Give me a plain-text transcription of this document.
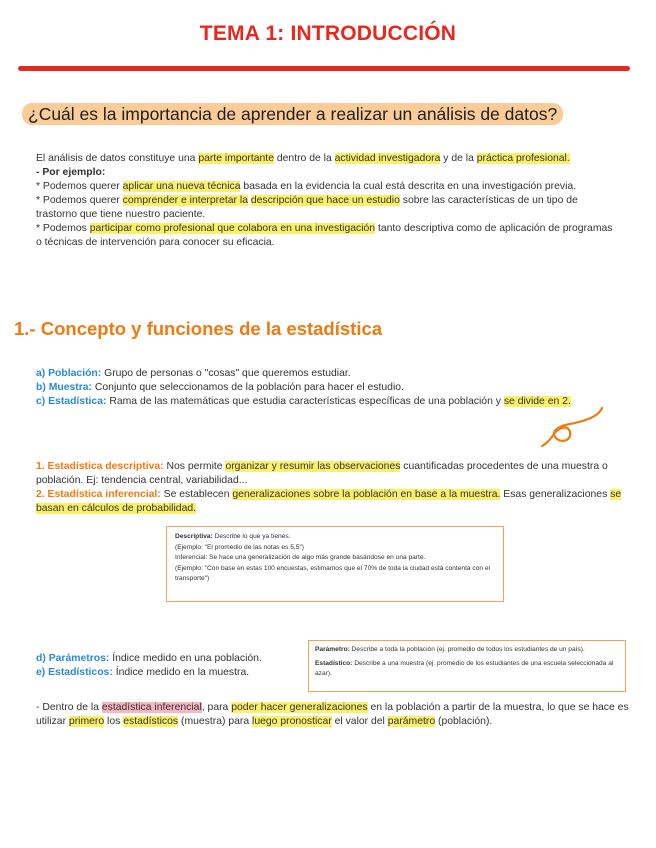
TEMA 1: INTRODUCCIÓN
¿Cuál es la importancia de aprender a realizar un análisis de datos?

El análisis de datos constituye una parte importante dentro de la actividad investigadora y de la práctica profesional.

- Por ejemplo:

* Podemos querer aplicar una nueva técnica basada en la evidencia la cual está descrita en una investigación previa.

* Podemos querer comprender e interpretar la descripción que hace un estudio sobre las características de un tipo de trastorno que tiene nuestro paciente.

* Podemos participar como profesional que colabora en una investigación tanto descriptiva como de aplicación de programas o técnicas de intervención para conocer su eficacia.

1.- Concepto y funciones de la estadística

a) Población: Grupo de personas o "cosas" que queremos estudiar.

b) Muestra: Conjunto que seleccionamos de la población para hacer el estudio.

c) Estadística: Rama de las matemáticas que estudia características específicas de una población y se divide en 2.

1. Estadística descriptiva: Nos permite organizar y resumir las observaciones cuantificadas procedentes de una muestra o población. Ej: tendencia central, variabilidad...

2. Estadística inferencial: Se establecen generalizaciones sobre la población en base a la muestra. Esas generalizaciones se basan en cálculos de probabilidad.

Descriptiva: Describe lo que ya tienes.

(Ejemplo: "El promedio de las notas es 5,5")

Inferencial: Se hace una generalización de algo más grande basándose en una parte.

(Ejemplo: "Con base en estas 100 encuestas, estimamos que el 70% de toda la ciudad está contenta con el transporte")

d) Parámetros: Índice medido en una población.

e) Estadísticos: Índice medido en la muestra.

Parámetro: Describe a toda la población (ej. promedio de todos los estudiantes de un país).

Estadístico: Describe a una muestra (ej. promedio de los estudiantes de una escuela seleccionada al azar).

- Dentro de la estadística inferencial, para poder hacer generalizaciones en la población a partir de la muestra, lo que se hace es utilizar primero los estadísticos (muestra) para luego pronosticar el valor del parámetro (población).
